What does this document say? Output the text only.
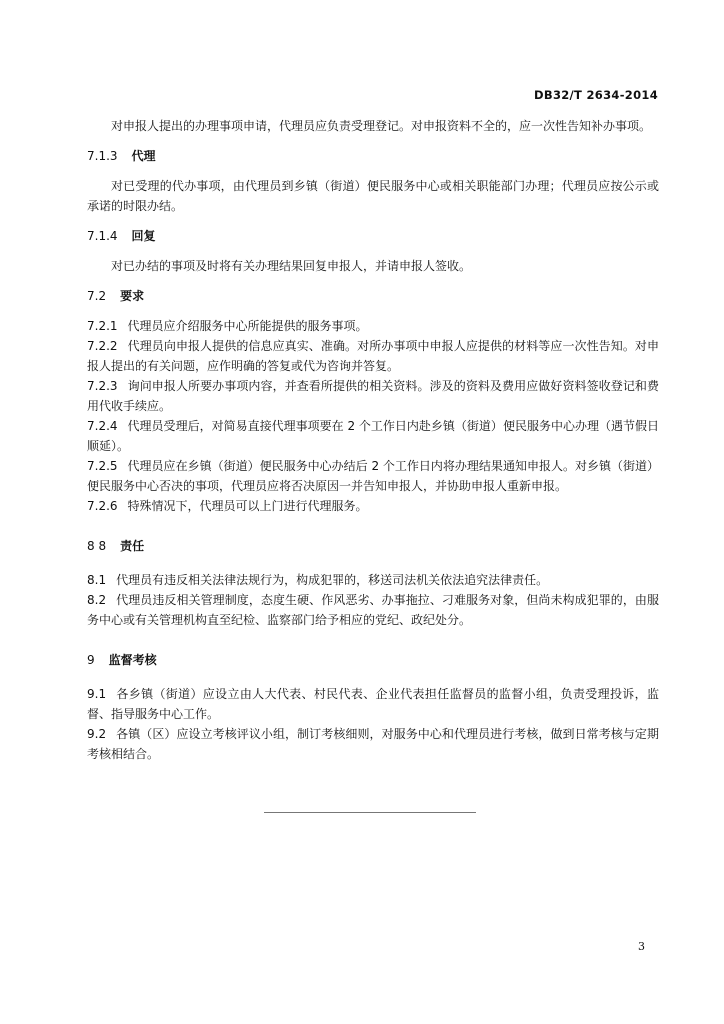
DB32/T 2634-2014

对申报人提出的办理事项申请，代理员应负责受理登记。对申报资料不全的，应一次性告知补办事项。

7.1.3 代理

对已受理的代办事项，由代理员到乡镇（街道）便民服务中心或相关职能部门办理；代理员应按公示或承诺的时限办结。

7.1.4 回复

对已办结的事项及时将有关办理结果回复申报人，并请申报人签收。

7.2 要求

7.2.1 代理员应介绍服务中心所能提供的服务事项。

7.2.2 代理员向申报人提供的信息应真实、准确。对所办事项中申报人应提供的材料等应一次性告知。对申报人提出的有关问题，应作明确的答复或代为咨询并答复。

7.2.3 询问申报人所要办事项内容，并查看所提供的相关资料。涉及的资料及费用应做好资料签收登记和费用代收手续应。

7.2.4 代理员受理后，对简易直接代理事项要在 2 个工作日内赴乡镇（街道）便民服务中心办理（遇节假日顺延）。

7.2.5 代理员应在乡镇（街道）便民服务中心办结后 2 个工作日内将办理结果通知申报人。对乡镇（街道）便民服务中心否决的事项，代理员应将否决原因一并告知申报人，并协助申报人重新申报。

7.2.6 特殊情况下，代理员可以上门进行代理服务。

8 8 责任

8.1 代理员有违反相关法律法规行为，构成犯罪的，移送司法机关依法追究法律责任。

8.2 代理员违反相关管理制度，态度生硬、作风恶劣、办事拖拉、刁难服务对象，但尚未构成犯罪的，由服务中心或有关管理机构直至纪检、监察部门给予相应的党纪、政纪处分。

9 监督考核

9.1 各乡镇（街道）应设立由人大代表、村民代表、企业代表担任监督员的监督小组，负责受理投诉，监督、指导服务中心工作。

9.2 各镇（区）应设立考核评议小组，制订考核细则，对服务中心和代理员进行考核，做到日常考核与定期考核相结合。

3
